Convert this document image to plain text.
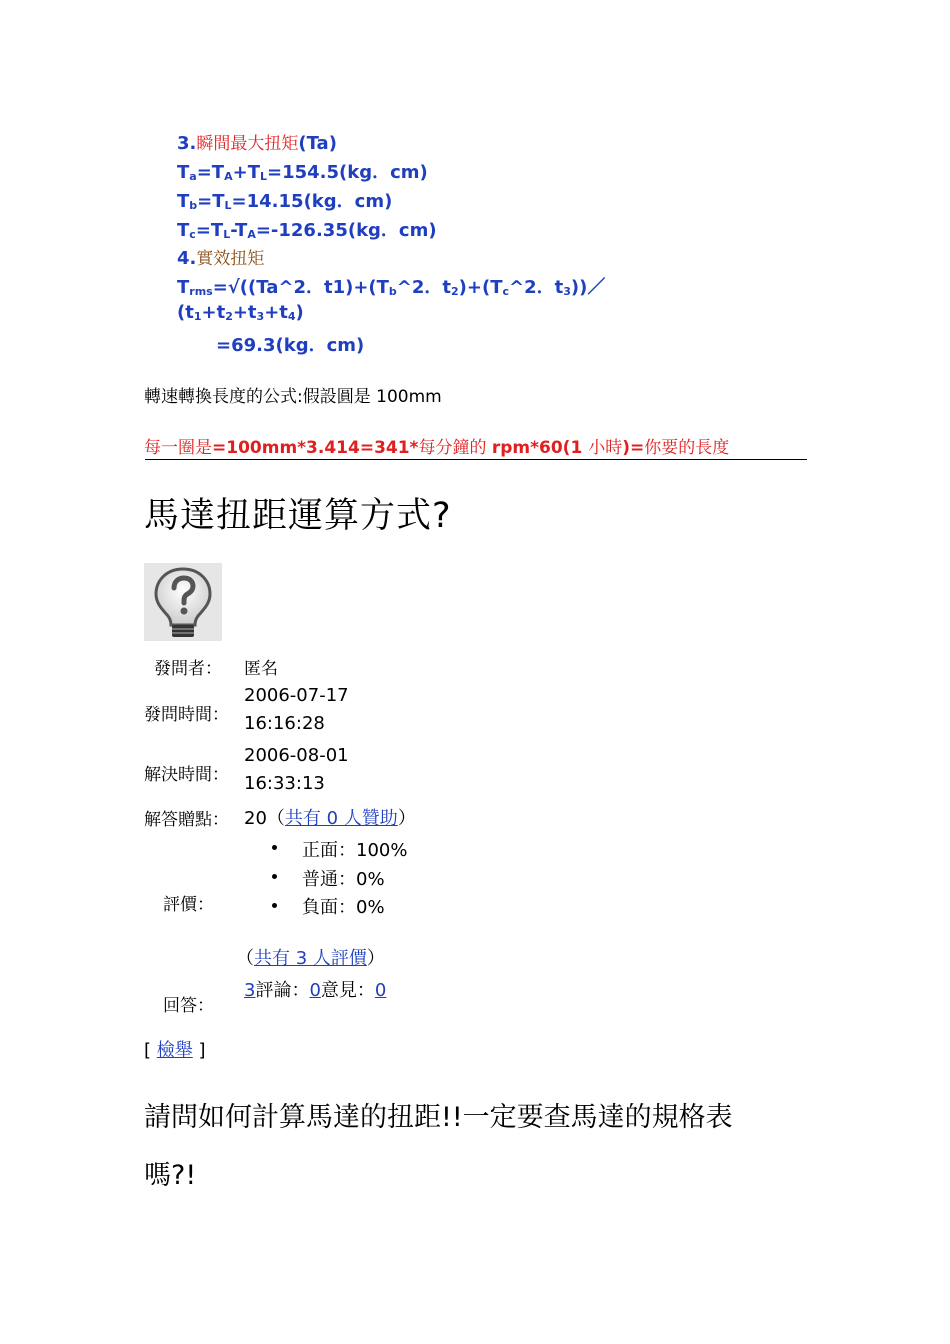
3.瞬間最大扭矩(Ta)
$T_a=T_A+T_L=154.5(kg$．cm)
$T_b=T_L=14.15(kg$．cm)
$T_c=T_L-T_A=-126.35(kg$．cm)
4.實效扭矩
$T_{rms}=√((Ta\^{}2$．$t1)+(T_b\^{}2$．$t_2)+(T_c\^{}2$．$t_3))/$
$(t_1+t_2+t_3+t_4)$
=69.3(kg．cm)
轉速轉換長度的公式:假設圓是 100mm
每一圈是=100mm*3.414=341*每分鐘的 rpm*60(1 小時)=你要的長度
馬達扭距運算方式?
發問者： 匿名
發問時間：
2006-07-17
16:16:28
解決時間：
2006-08-01
16:33:13
解答贈點： 20（共有 0 人贊助）
評價：
正面：100%
普通：0%
負面：0%
（共有 3 人評價）
回答：
3評論：0意見：0
[ 檢舉 ]
請問如何計算馬達的扭距!!一定要查馬達的規格表
嗎?!
